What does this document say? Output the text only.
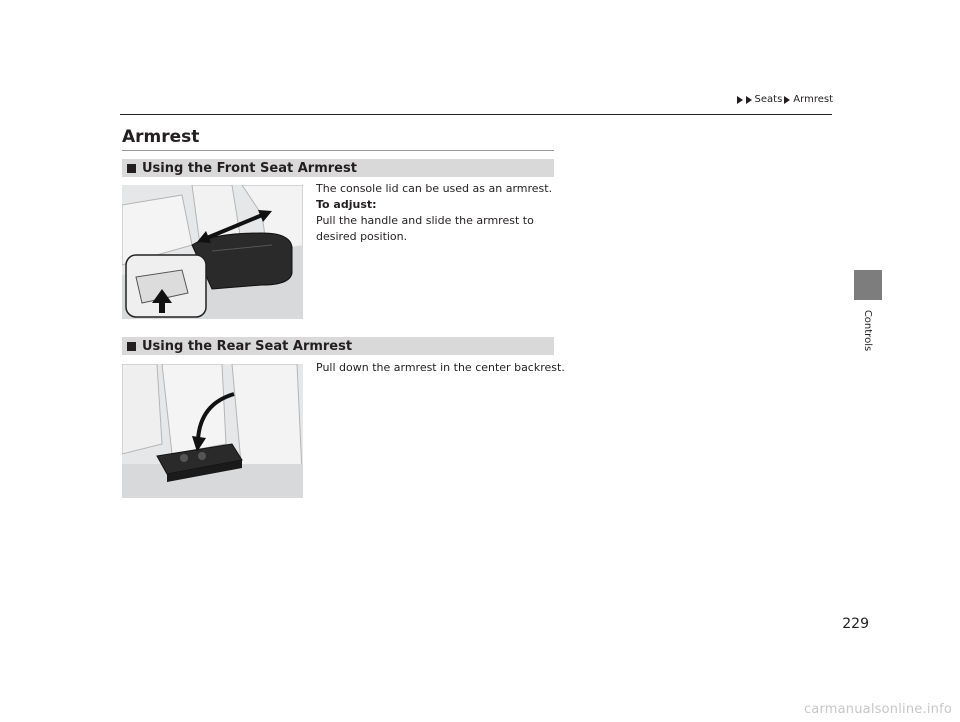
Seats Armrest
Armrest
Using the Front Seat Armrest
The console lid can be used as an armrest.
To adjust:
Pull the handle and slide the armrest to desired position.
Using the Rear Seat Armrest
Pull down the armrest in the center backrest.
Controls
229
carmanualsonline.info
